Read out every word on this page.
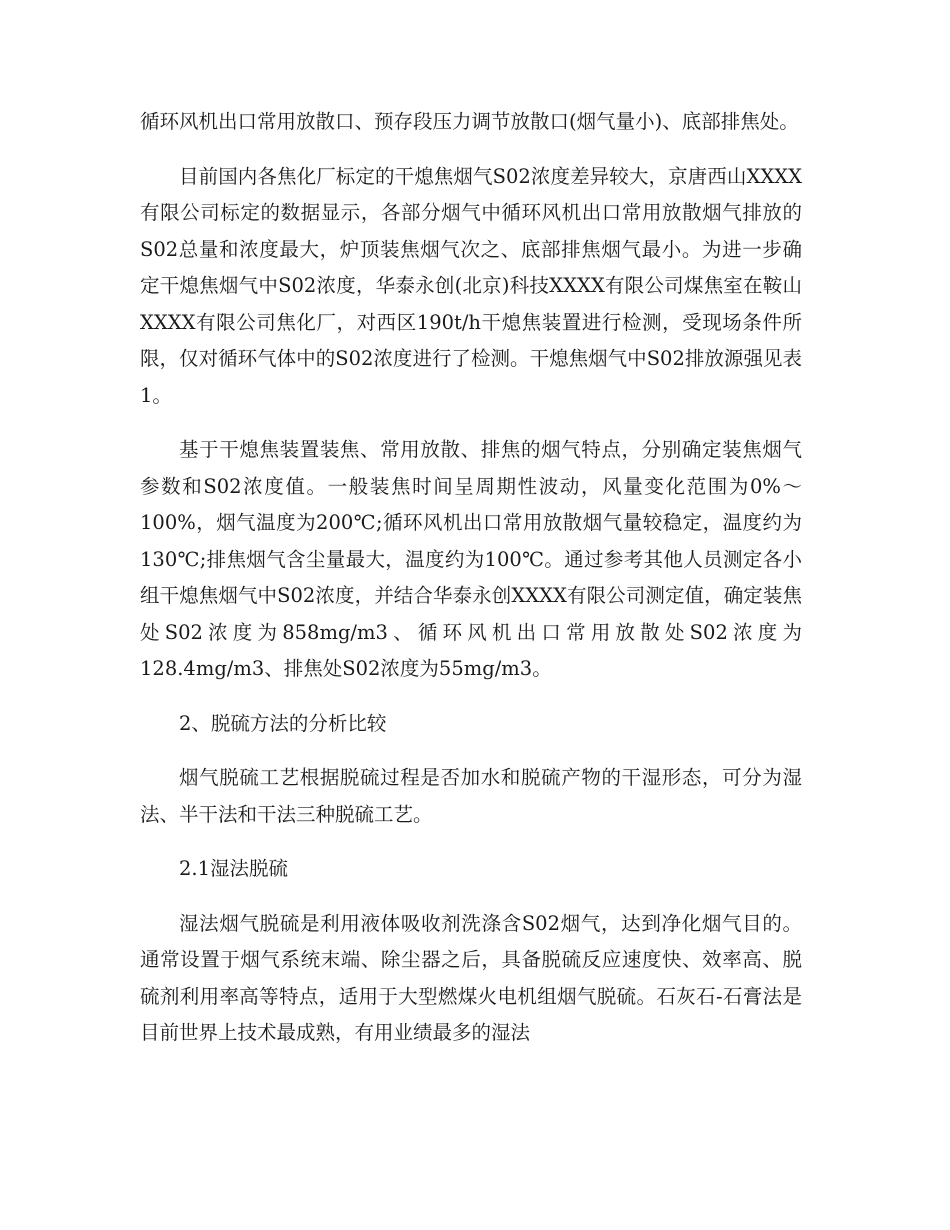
循环风机出口常用放散口、预存段压力调节放散口(烟气量小)、底部排焦处。

目前国内各焦化厂标定的干熄焦烟气S02浓度差异较大，京唐西山XXXX有限公司标定的数据显示，各部分烟气中循环风机出口常用放散烟气排放的S02总量和浓度最大，炉顶装焦烟气次之、底部排焦烟气最小。为进一步确定干熄焦烟气中S02浓度，华泰永创(北京)科技XXXX有限公司煤焦室在鞍山XXXX有限公司焦化厂，对西区190t/h干熄焦装置进行检测，受现场条件所限，仅对循环气体中的S02浓度进行了检测。干熄焦烟气中S02排放源强见表1。

基于干熄焦装置装焦、常用放散、排焦的烟气特点，分别确定装焦烟气参数和S02浓度值。一般装焦时间呈周期性波动，风量变化范围为0%～100%，烟气温度为200℃;循环风机出口常用放散烟气量较稳定，温度约为130℃;排焦烟气含尘量最大，温度约为100℃。通过参考其他人员测定各小组干熄焦烟气中S02浓度，并结合华泰永创XXXX有限公司测定值，确定装焦处S02浓度为858mg/m3、循环风机出口常用放散处S02浓度为128.4mg/m3、排焦处S02浓度为55mg/m3。

2、脱硫方法的分析比较

烟气脱硫工艺根据脱硫过程是否加水和脱硫产物的干湿形态，可分为湿法、半干法和干法三种脱硫工艺。

2.1湿法脱硫

湿法烟气脱硫是利用液体吸收剂洗涤含S02烟气，达到净化烟气目的。通常设置于烟气系统末端、除尘器之后，具备脱硫反应速度快、效率高、脱硫剂利用率高等特点，适用于大型燃煤火电机组烟气脱硫。石灰石-石膏法是目前世界上技术最成熟，有用业绩最多的湿法
